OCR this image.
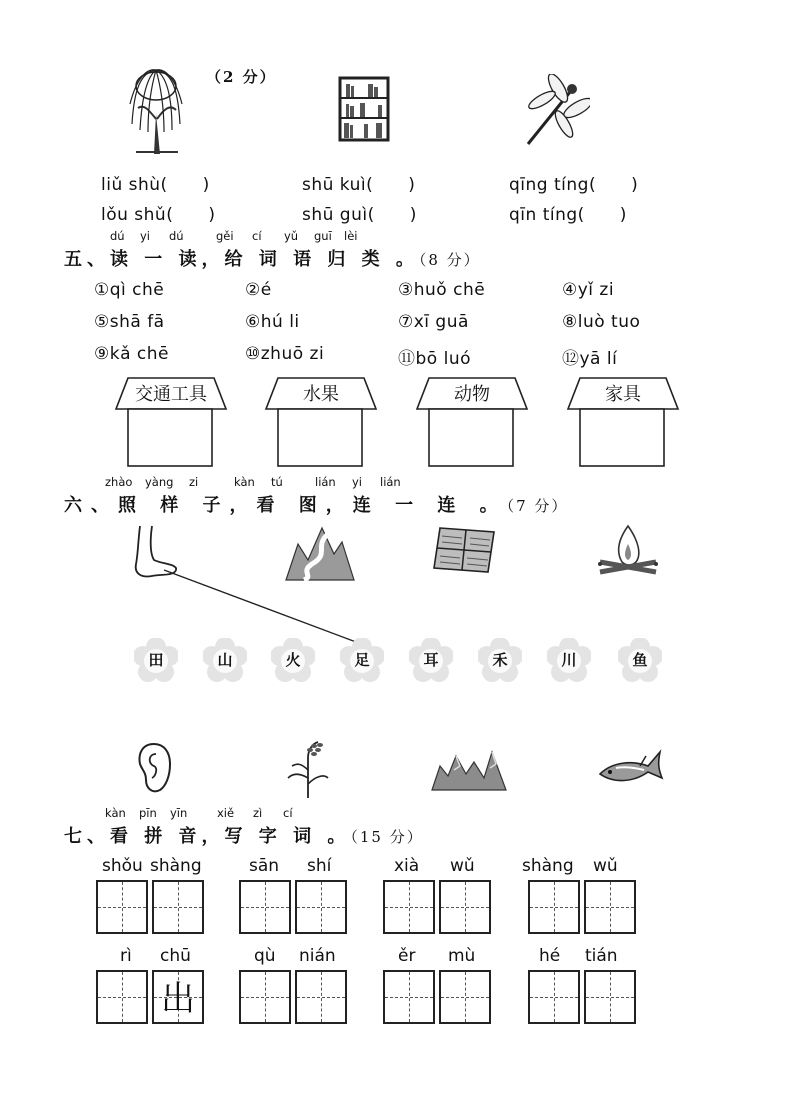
（2 分）
liǔ shù(　　)	shū kuì(　　)	qīng tíng(　　)
lǒu shǔ(　　)	shū guì(　　)	qīn tíng(　　)
dú yi dú	gěi cí yǔ guī lèi
五、读 一 读，给 词 语 归 类 。（8 分）
①qì chē	②é	③huǒ chē	④yǐ zi
⑤shā fā	⑥hú li	⑦xī guā	⑧luò tuo
⑨kǎ chē	⑩zhuō zi	⑪bō luó	⑫yā lí
交通工具	水果	动物	家具
zhào yàng zi	kàn tú	lián yi lián
六、照 样 子，看 图，连 一 连 。（7 分）
田	山	火	足	耳	禾	川	鱼
kàn pīn yīn	xiě zì cí
七、看 拼 音，写 字 词 。（15 分）
shǒu shàng	sān shí	xià wǔ	shàng wǔ
rì chū	qù nián	ěr mù	hé tián
出
